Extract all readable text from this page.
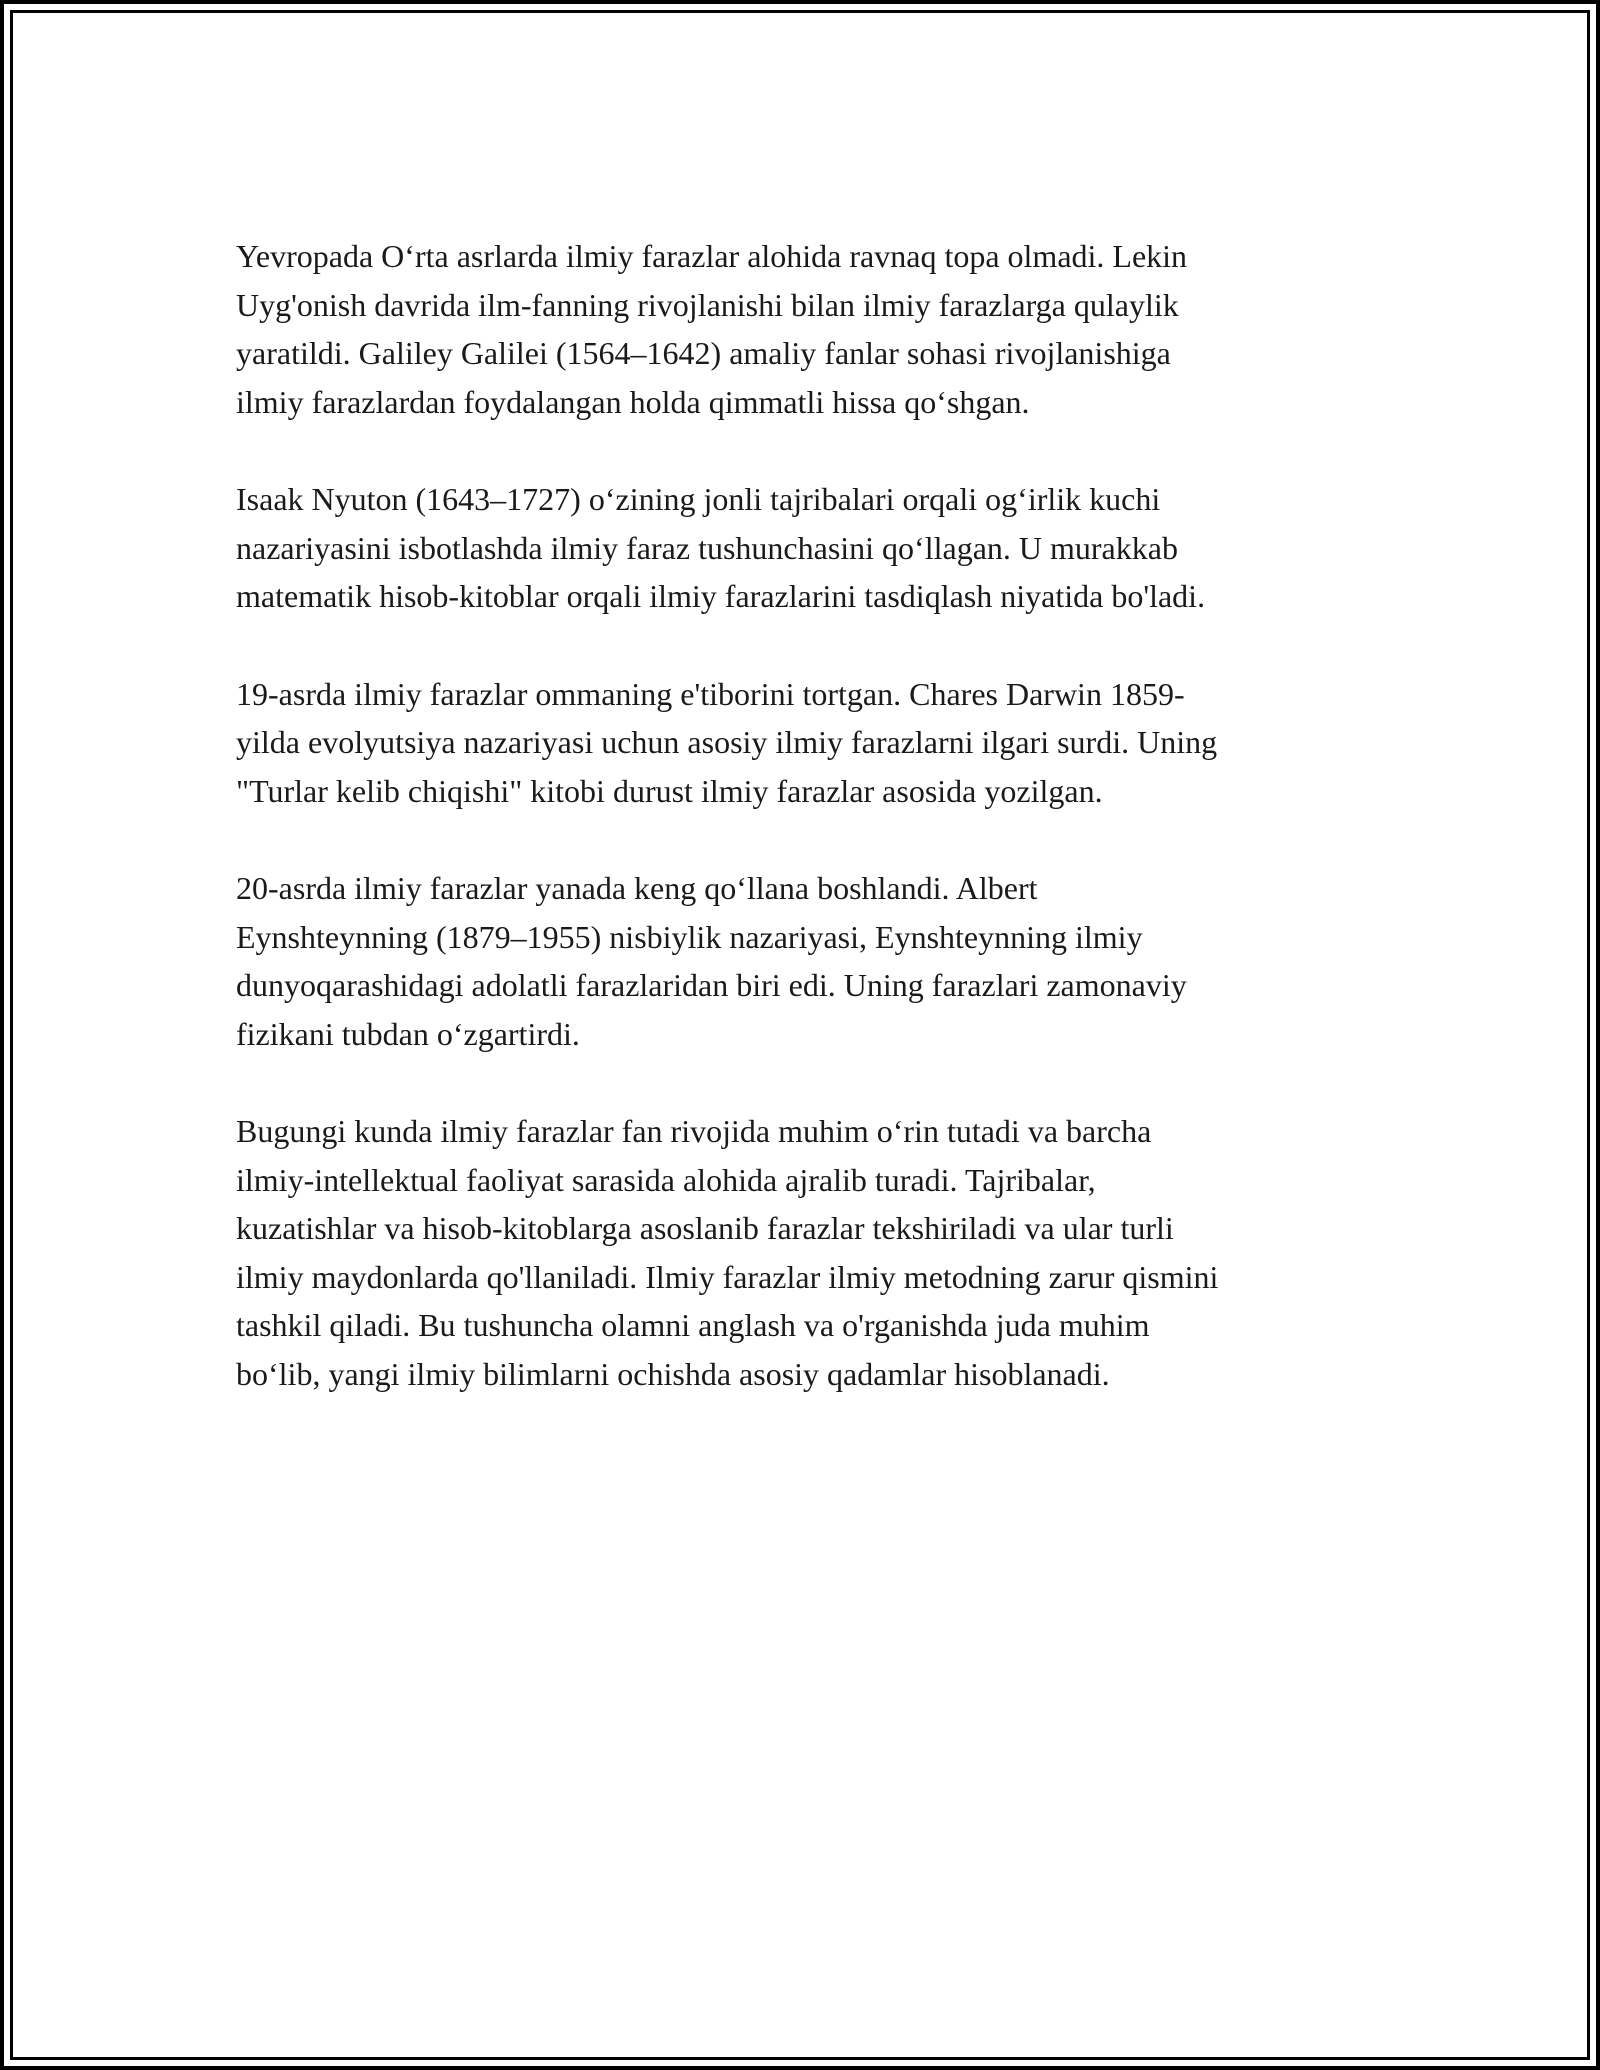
Yevropada O‘rta asrlarda ilmiy farazlar alohida ravnaq topa olmadi. Lekin
Uyg'onish davrida ilm-fanning rivojlanishi bilan ilmiy farazlarga qulaylik
yaratildi. Galiley Galilei (1564–1642) amaliy fanlar sohasi rivojlanishiga
ilmiy farazlardan foydalangan holda qimmatli hissa qo‘shgan.

Isaak Nyuton (1643–1727) o‘zining jonli tajribalari orqali og‘irlik kuchi
nazariyasini isbotlashda ilmiy faraz tushunchasini qo‘llagan. U murakkab
matematik hisob-kitoblar orqali ilmiy farazlarini tasdiqlash niyatida bo'ladi.

19-asrda ilmiy farazlar ommaning e'tiborini tortgan. Chares Darwin 1859-
yilda evolyutsiya nazariyasi uchun asosiy ilmiy farazlarni ilgari surdi. Uning
"Turlar kelib chiqishi" kitobi durust ilmiy farazlar asosida yozilgan.

20-asrda ilmiy farazlar yanada keng qo‘llana boshlandi. Albert
Eynshteynning (1879–1955) nisbiylik nazariyasi, Eynshteynning ilmiy
dunyoqarashidagi adolatli farazlaridan biri edi. Uning farazlari zamonaviy
fizikani tubdan o‘zgartirdi.

Bugungi kunda ilmiy farazlar fan rivojida muhim o‘rin tutadi va barcha
ilmiy-intellektual faoliyat sarasida alohida ajralib turadi. Tajribalar,
kuzatishlar va hisob-kitoblarga asoslanib farazlar tekshiriladi va ular turli
ilmiy maydonlarda qo'llaniladi. Ilmiy farazlar ilmiy metodning zarur qismini
tashkil qiladi. Bu tushuncha olamni anglash va o'rganishda juda muhim
bo‘lib, yangi ilmiy bilimlarni ochishda asosiy qadamlar hisoblanadi.
